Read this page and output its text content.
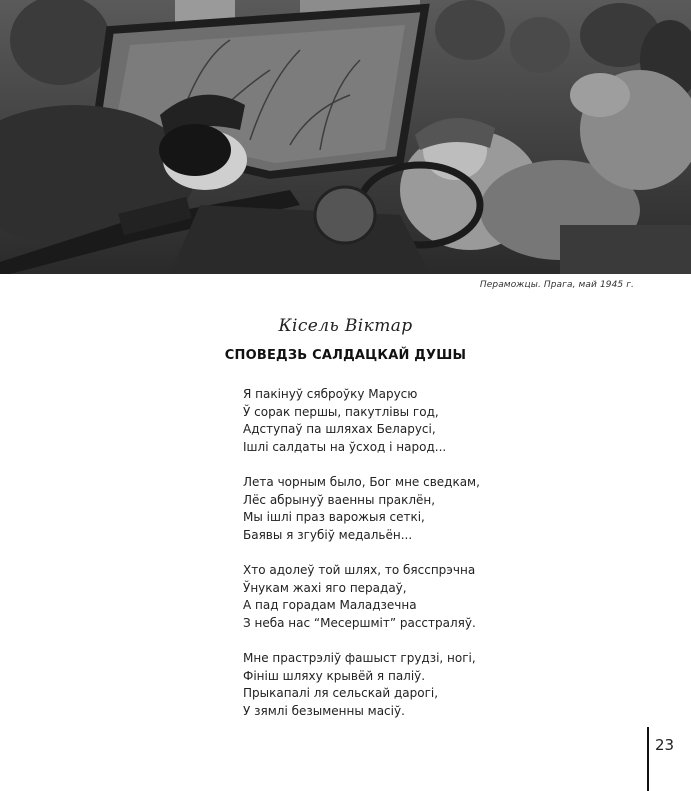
Пераможцы. Прага, май 1945 г.
Кісель Віктар
СПОВЕДЗЬ САЛДАЦКАЙ ДУШЫ
Я пакінуў сяброўку Марусю
Ў сорак першы, пакутлівы год,
Адступаў па шляхах Беларусі,
Ішлі салдаты на ўсход і народ...
Лета чорным было, Бог мне сведкам,
Лёс абрынуў ваенны праклён,
Мы ішлі праз варожыя сеткі,
Баявы я згубіў медальён...
Хто адолеў той шлях, то бясспрэчна
Ўнукам жахі яго перадаў,
А пад горадам Маладзечна
З неба нас “Месершміт” расстраляў.
Мне прастрэліў фашыст грудзі, ногі,
Фініш шляху крывёй я паліў.
Прыкапалі ля сельскай дарогі,
У зямлі безыменны масіў.
23
